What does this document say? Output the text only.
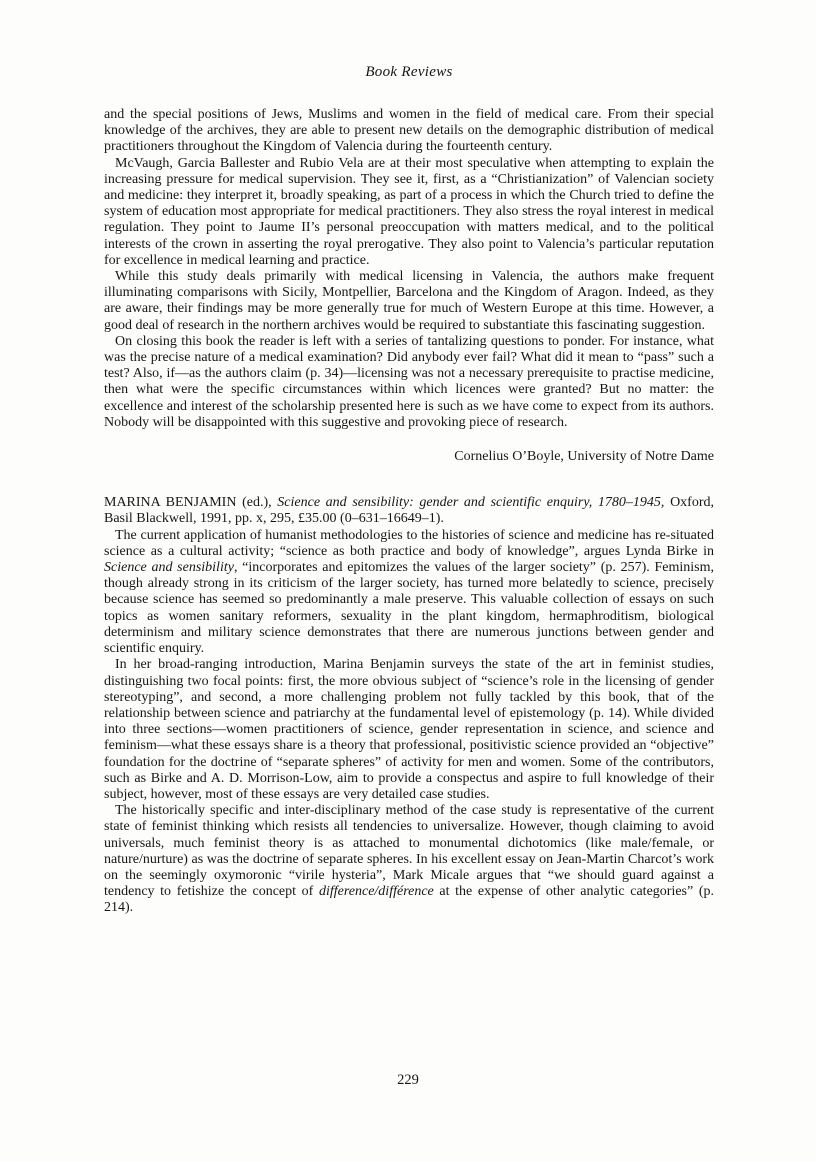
Book Reviews

and the special positions of Jews, Muslims and women in the field of medical care. From their special knowledge of the archives, they are able to present new details on the demographic distribution of medical practitioners throughout the Kingdom of Valencia during the fourteenth century.

McVaugh, Garcia Ballester and Rubio Vela are at their most speculative when attempting to explain the increasing pressure for medical supervision. They see it, first, as a “Christianization” of Valencian society and medicine: they interpret it, broadly speaking, as part of a process in which the Church tried to define the system of education most appropriate for medical practitioners. They also stress the royal interest in medical regulation. They point to Jaume II’s personal preoccupation with matters medical, and to the political interests of the crown in asserting the royal prerogative. They also point to Valencia’s particular reputation for excellence in medical learning and practice.

While this study deals primarily with medical licensing in Valencia, the authors make frequent illuminating comparisons with Sicily, Montpellier, Barcelona and the Kingdom of Aragon. Indeed, as they are aware, their findings may be more generally true for much of Western Europe at this time. However, a good deal of research in the northern archives would be required to substantiate this fascinating suggestion.

On closing this book the reader is left with a series of tantalizing questions to ponder. For instance, what was the precise nature of a medical examination? Did anybody ever fail? What did it mean to “pass” such a test? Also, if—as the authors claim (p. 34)—licensing was not a necessary prerequisite to practise medicine, then what were the specific circumstances within which licences were granted? But no matter: the excellence and interest of the scholarship presented here is such as we have come to expect from its authors. Nobody will be disappointed with this suggestive and provoking piece of research.

Cornelius O’Boyle, University of Notre Dame

MARINA BENJAMIN (ed.), Science and sensibility: gender and scientific enquiry, 1780–1945, Oxford, Basil Blackwell, 1991, pp. x, 295, £35.00 (0–631–16649–1).

The current application of humanist methodologies to the histories of science and medicine has re-situated science as a cultural activity; “science as both practice and body of knowledge”, argues Lynda Birke in Science and sensibility, “incorporates and epitomizes the values of the larger society” (p. 257). Feminism, though already strong in its criticism of the larger society, has turned more belatedly to science, precisely because science has seemed so predominantly a male preserve. This valuable collection of essays on such topics as women sanitary reformers, sexuality in the plant kingdom, hermaphroditism, biological determinism and military science demonstrates that there are numerous junctions between gender and scientific enquiry.

In her broad-ranging introduction, Marina Benjamin surveys the state of the art in feminist studies, distinguishing two focal points: first, the more obvious subject of “science’s role in the licensing of gender stereotyping”, and second, a more challenging problem not fully tackled by this book, that of the relationship between science and patriarchy at the fundamental level of epistemology (p. 14). While divided into three sections—women practitioners of science, gender representation in science, and science and feminism—what these essays share is a theory that professional, positivistic science provided an “objective” foundation for the doctrine of “separate spheres” of activity for men and women. Some of the contributors, such as Birke and A. D. Morrison-Low, aim to provide a conspectus and aspire to full knowledge of their subject, however, most of these essays are very detailed case studies.

The historically specific and inter-disciplinary method of the case study is representative of the current state of feminist thinking which resists all tendencies to universalize. However, though claiming to avoid universals, much feminist theory is as attached to monumental dichotomics (like male/female, or nature/nurture) as was the doctrine of separate spheres. In his excellent essay on Jean-Martin Charcot’s work on the seemingly oxymoronic “virile hysteria”, Mark Micale argues that “we should guard against a tendency to fetishize the concept of difference/différence at the expense of other analytic categories” (p. 214).

229
